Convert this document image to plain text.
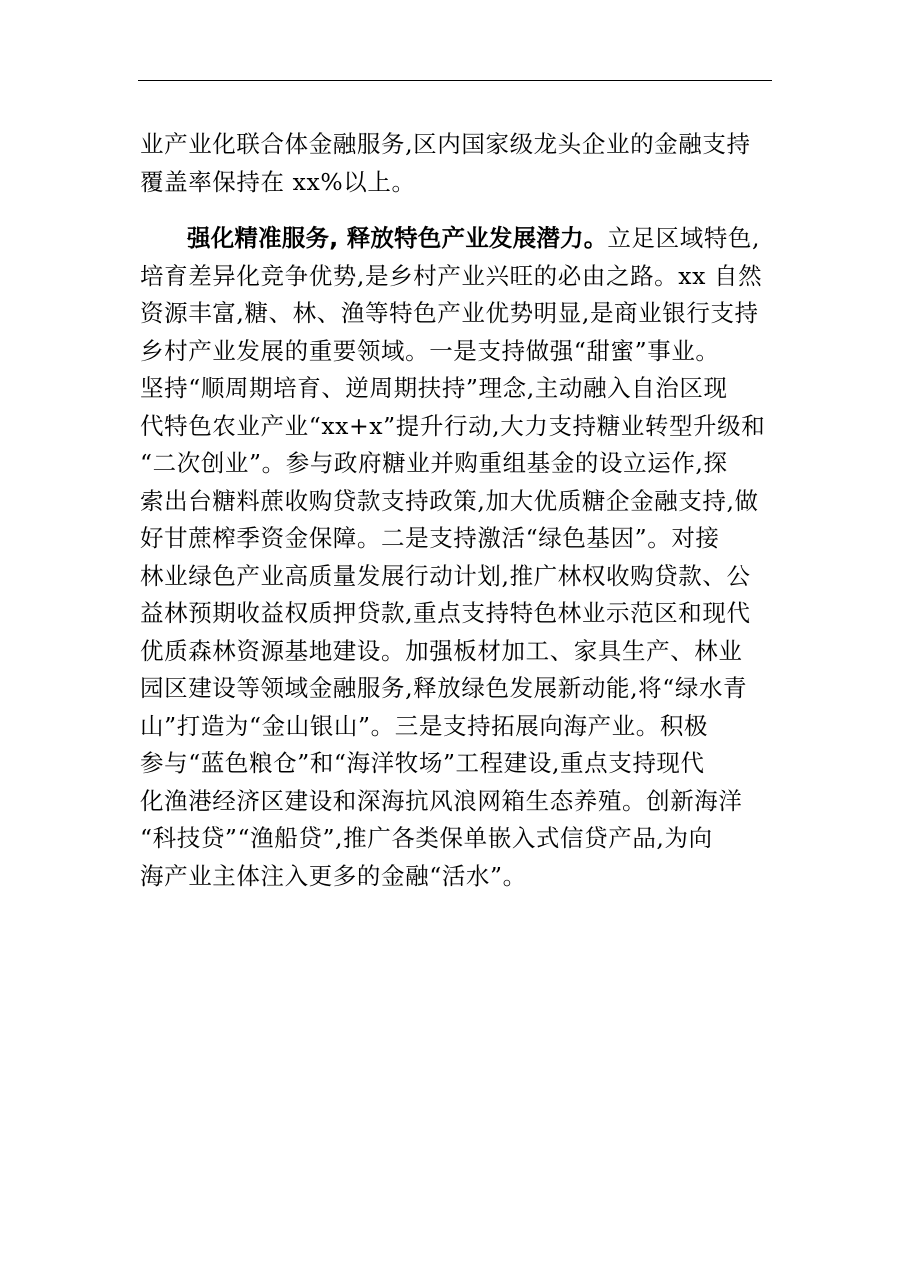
业产业化联合体金融服务,区内国家级龙头企业的金融支持
覆盖率保持在 xx%以上。
强化精准服务, 释放特色产业发展潜力。立足区域特色,
培育差异化竞争优势,是乡村产业兴旺的必由之路。xx 自然
资源丰富,糖、林、渔等特色产业优势明显,是商业银行支持
乡村产业发展的重要领域。一是支持做强“甜蜜”事业。
坚持“顺周期培育、逆周期扶持”理念,主动融入自治区现
代特色农业产业“xx+x”提升行动,大力支持糖业转型升级和
“二次创业”。参与政府糖业并购重组基金的设立运作,探
索出台糖料蔗收购贷款支持政策,加大优质糖企金融支持,做
好甘蔗榨季资金保障。二是支持激活“绿色基因”。对接
林业绿色产业高质量发展行动计划,推广林权收购贷款、公
益林预期收益权质押贷款,重点支持特色林业示范区和现代
优质森林资源基地建设。加强板材加工、家具生产、林业
园区建设等领域金融服务,释放绿色发展新动能,将“绿水青
山”打造为“金山银山”。三是支持拓展向海产业。积极
参与“蓝色粮仓”和“海洋牧场”工程建设,重点支持现代
化渔港经济区建设和深海抗风浪网箱生态养殖。创新海洋
“科技贷”“渔船贷”,推广各类保单嵌入式信贷产品,为向
海产业主体注入更多的金融“活水”。
